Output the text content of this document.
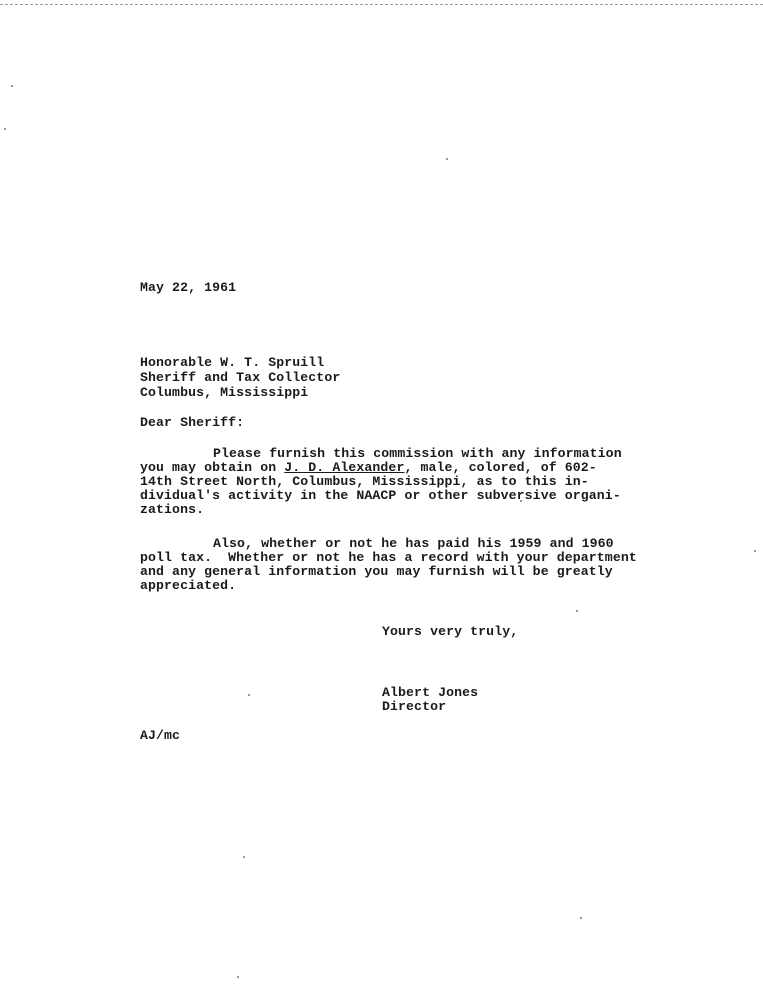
May 22, 1961
Honorable W. T. Spruill
Sheriff and Tax Collector
Columbus, Mississippi
Dear Sheriff:
Please furnish this commission with any information
you may obtain on J. D. Alexander, male, colored, of 602-
14th Street North, Columbus, Mississippi, as to this in-
dividual's activity in the NAACP or other subversive organi-
zations.
Also, whether or not he has paid his 1959 and 1960
poll tax.  Whether or not he has a record with your department
and any general information you may furnish will be greatly
appreciated.
Yours very truly,
Albert Jones
Director
AJ/mc
